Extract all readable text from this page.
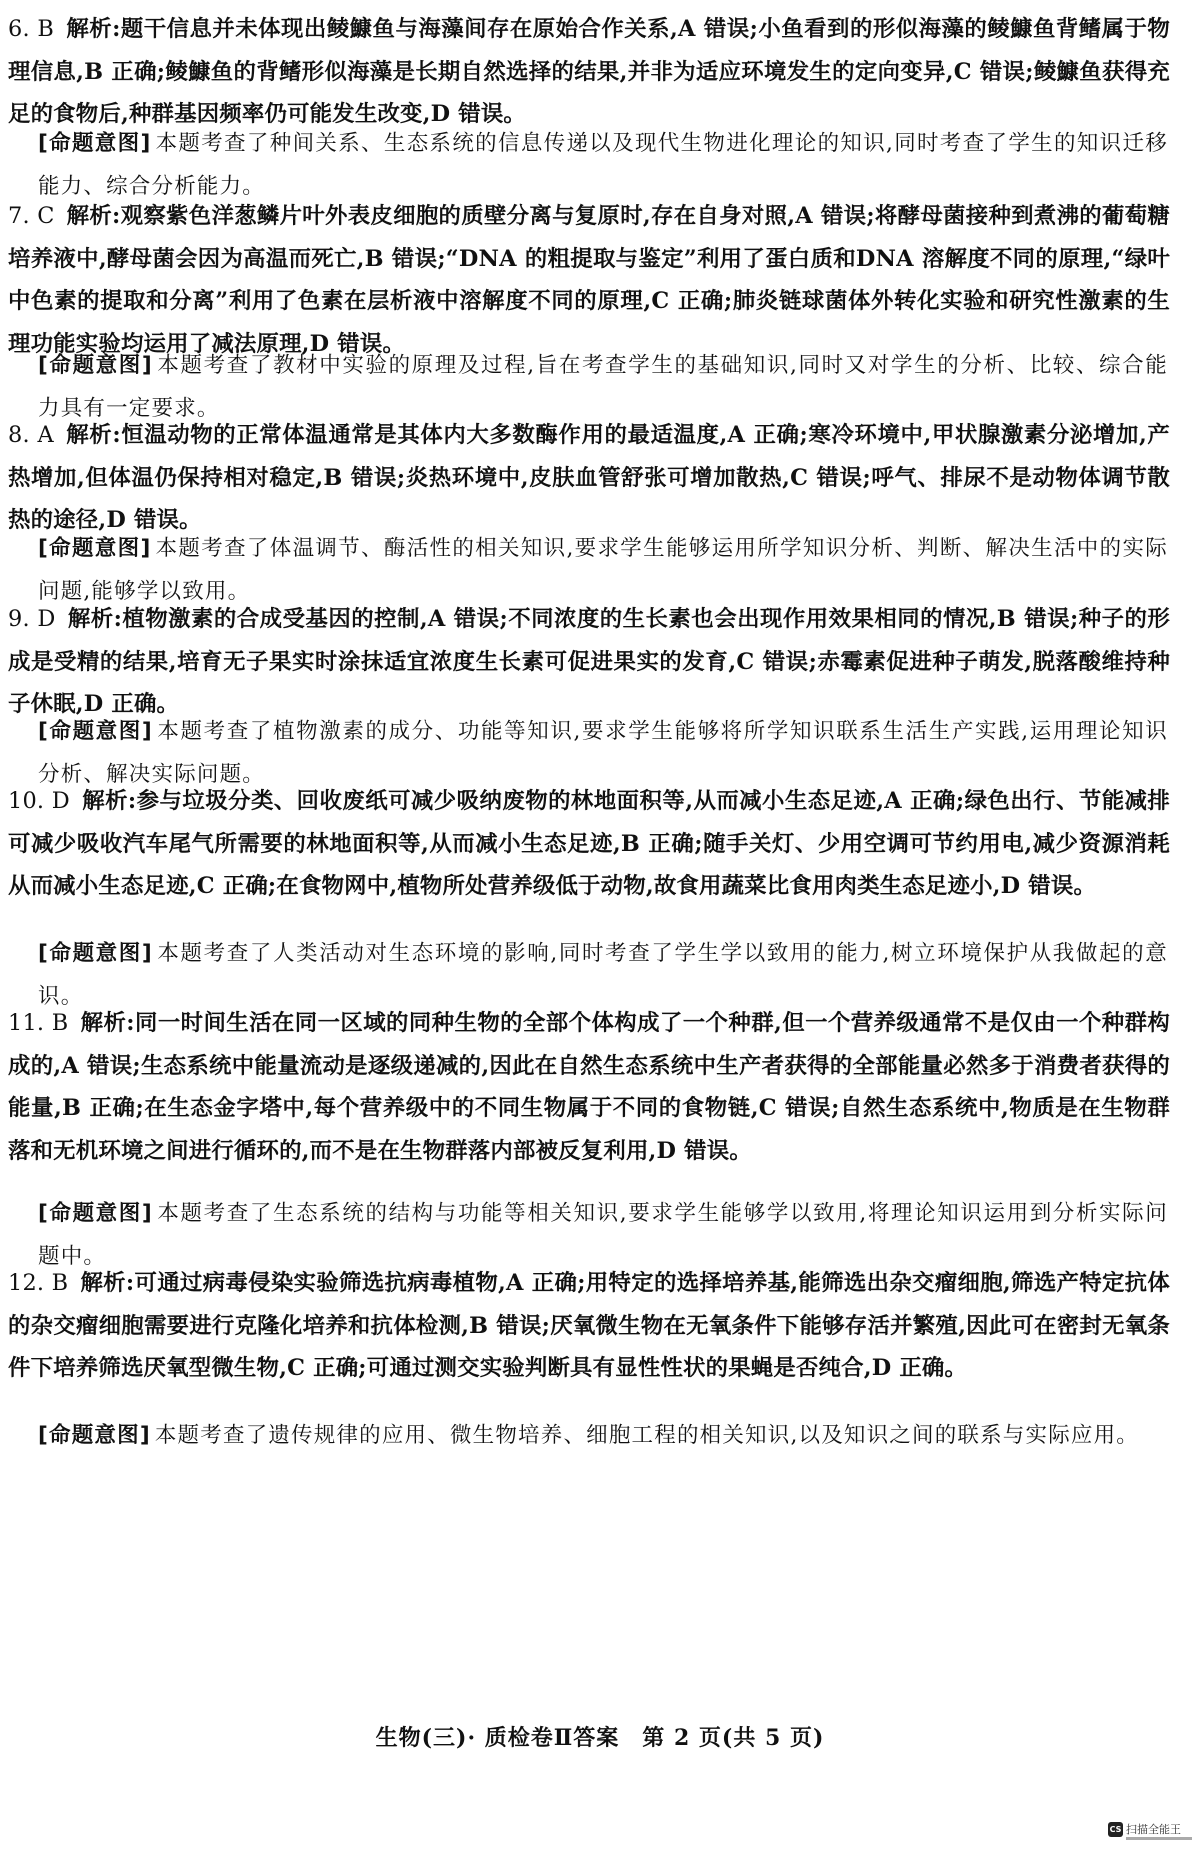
6. B 解析:题干信息并未体现出鲮鱇鱼与海藻间存在原始合作关系,A 错误;小鱼看到的形似海藻的鲮鱇鱼背鳍属于物理信息,B 正确;鲮鱇鱼的背鳍形似海藻是长期自然选择的结果,并非为适应环境发生的定向变异,C 错误;鲮鱇鱼获得充足的食物后,种群基因频率仍可能发生改变,D 错误。
[命题意图] 本题考查了种间关系、生态系统的信息传递以及现代生物进化理论的知识,同时考查了学生的知识迁移能力、综合分析能力。
7. C 解析:观察紫色洋葱鳞片叶外表皮细胞的质壁分离与复原时,存在自身对照,A 错误;将酵母菌接种到煮沸的葡萄糖培养液中,酵母菌会因为高温而死亡,B 错误;“DNA 的粗提取与鉴定”利用了蛋白质和DNA 溶解度不同的原理,“绿叶中色素的提取和分离”利用了色素在层析液中溶解度不同的原理,C 正确;肺炎链球菌体外转化实验和研究性激素的生理功能实验均运用了减法原理,D 错误。
[命题意图] 本题考查了教材中实验的原理及过程,旨在考查学生的基础知识,同时又对学生的分析、比较、综合能力具有一定要求。
8. A 解析:恒温动物的正常体温通常是其体内大多数酶作用的最适温度,A 正确;寒冷环境中,甲状腺激素分泌增加,产热增加,但体温仍保持相对稳定,B 错误;炎热环境中,皮肤血管舒张可增加散热,C 错误;呼气、排尿不是动物体调节散热的途径,D 错误。
[命题意图] 本题考查了体温调节、酶活性的相关知识,要求学生能够运用所学知识分析、判断、解决生活中的实际问题,能够学以致用。
9. D 解析:植物激素的合成受基因的控制,A 错误;不同浓度的生长素也会出现作用效果相同的情况,B 错误;种子的形成是受精的结果,培育无子果实时涂抹适宜浓度生长素可促进果实的发育,C 错误;赤霉素促进种子萌发,脱落酸维持种子休眠,D 正确。
[命题意图] 本题考查了植物激素的成分、功能等知识,要求学生能够将所学知识联系生活生产实践,运用理论知识分析、解决实际问题。
10. D 解析:参与垃圾分类、回收废纸可减少吸纳废物的林地面积等,从而减小生态足迹,A 正确;绿色出行、节能减排可减少吸收汽车尾气所需要的林地面积等,从而减小生态足迹,B 正确;随手关灯、少用空调可节约用电,减少资源消耗从而减小生态足迹,C 正确;在食物网中,植物所处营养级低于动物,故食用蔬菜比食用肉类生态足迹小,D 错误。
[命题意图] 本题考查了人类活动对生态环境的影响,同时考查了学生学以致用的能力,树立环境保护从我做起的意识。
11. B 解析:同一时间生活在同一区域的同种生物的全部个体构成了一个种群,但一个营养级通常不是仅由一个种群构成的,A 错误;生态系统中能量流动是逐级递减的,因此在自然生态系统中生产者获得的全部能量必然多于消费者获得的能量,B 正确;在生态金字塔中,每个营养级中的不同生物属于不同的食物链,C 错误;自然生态系统中,物质是在生物群落和无机环境之间进行循环的,而不是在生物群落内部被反复利用,D 错误。
[命题意图] 本题考查了生态系统的结构与功能等相关知识,要求学生能够学以致用,将理论知识运用到分析实际问题中。
12. B 解析:可通过病毒侵染实验筛选抗病毒植物,A 正确;用特定的选择培养基,能筛选出杂交瘤细胞,筛选产特定抗体的杂交瘤细胞需要进行克隆化培养和抗体检测,B 错误;厌氧微生物在无氧条件下能够存活并繁殖,因此可在密封无氧条件下培养筛选厌氧型微生物,C 正确;可通过测交实验判断具有显性性状的果蝇是否纯合,D 正确。
[命题意图] 本题考查了遗传规律的应用、微生物培养、细胞工程的相关知识,以及知识之间的联系与实际应用。
生物(三)· 质检卷Ⅱ答案　第 2 页(共 5 页)
CS 扫描全能王
